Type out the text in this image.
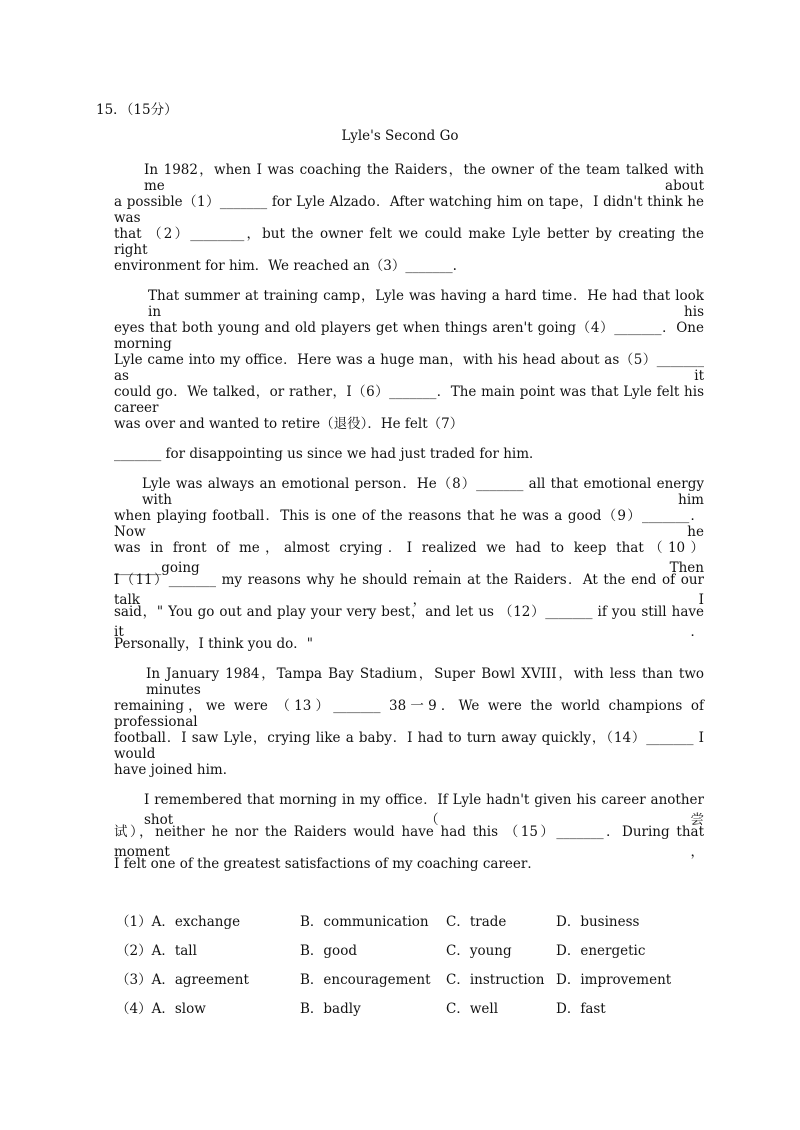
15．（15分）
Lyle's Second Go
In 1982，when I was coaching the Raiders，the owner of the team talked with me about
a possible（1）_______ for Lyle Alzado．After watching him on tape，I didn't think he was
that （2）________，but the owner felt we could make Lyle better by creating the right
environment for him．We reached an（3）_______.
That summer at training camp，Lyle was having a hard time．He had that look in his
eyes that both young and old players get when things aren't going（4）_______．One morning
Lyle came into my office．Here was a huge man，with his head about as（5）_______ as it
could go．We talked，or rather，I（6）_______．The main point was that Lyle felt his career
was over and wanted to retire（退役）．He felt（7）
_______ for disappointing us since we had just traded for him．
Lyle was always an emotional person．He（8）_______ all that emotional energy with him
when playing football．This is one of the reasons that he was a good（9）_______．Now he
was in front of me，almost crying．I realized we had to keep that（10）_______going．Then
I（11）_______ my reasons why he should remain at the Raiders．At the end of our talk，I
said，" You go out and play your very best，and let us （12）_______ if you still have it．
Personally，I think you do．"
In January 1984，Tampa Bay Stadium，Super Bowl XVIII，with less than two minutes
remaining，we were （13）_______ 38一9．We were the world champions of professional
football．I saw Lyle，crying like a baby．I had to turn away quickly，（14）_______ I would
have joined him．
I remembered that morning in my office．If Lyle hadn't given his career another shot（尝
试），neither he nor the Raiders would have had this （15）_______．During that moment，
I felt one of the greatest satisfactions of my coaching career．
（1）A．exchange	B．communication C．trade	D．business
（2）A．tall	B．good	C．young	D．energetic
（3）A．agreement	B．encouragement C．instruction D．improvement
（4）A．slow	B．badly	C．well	D．fast
